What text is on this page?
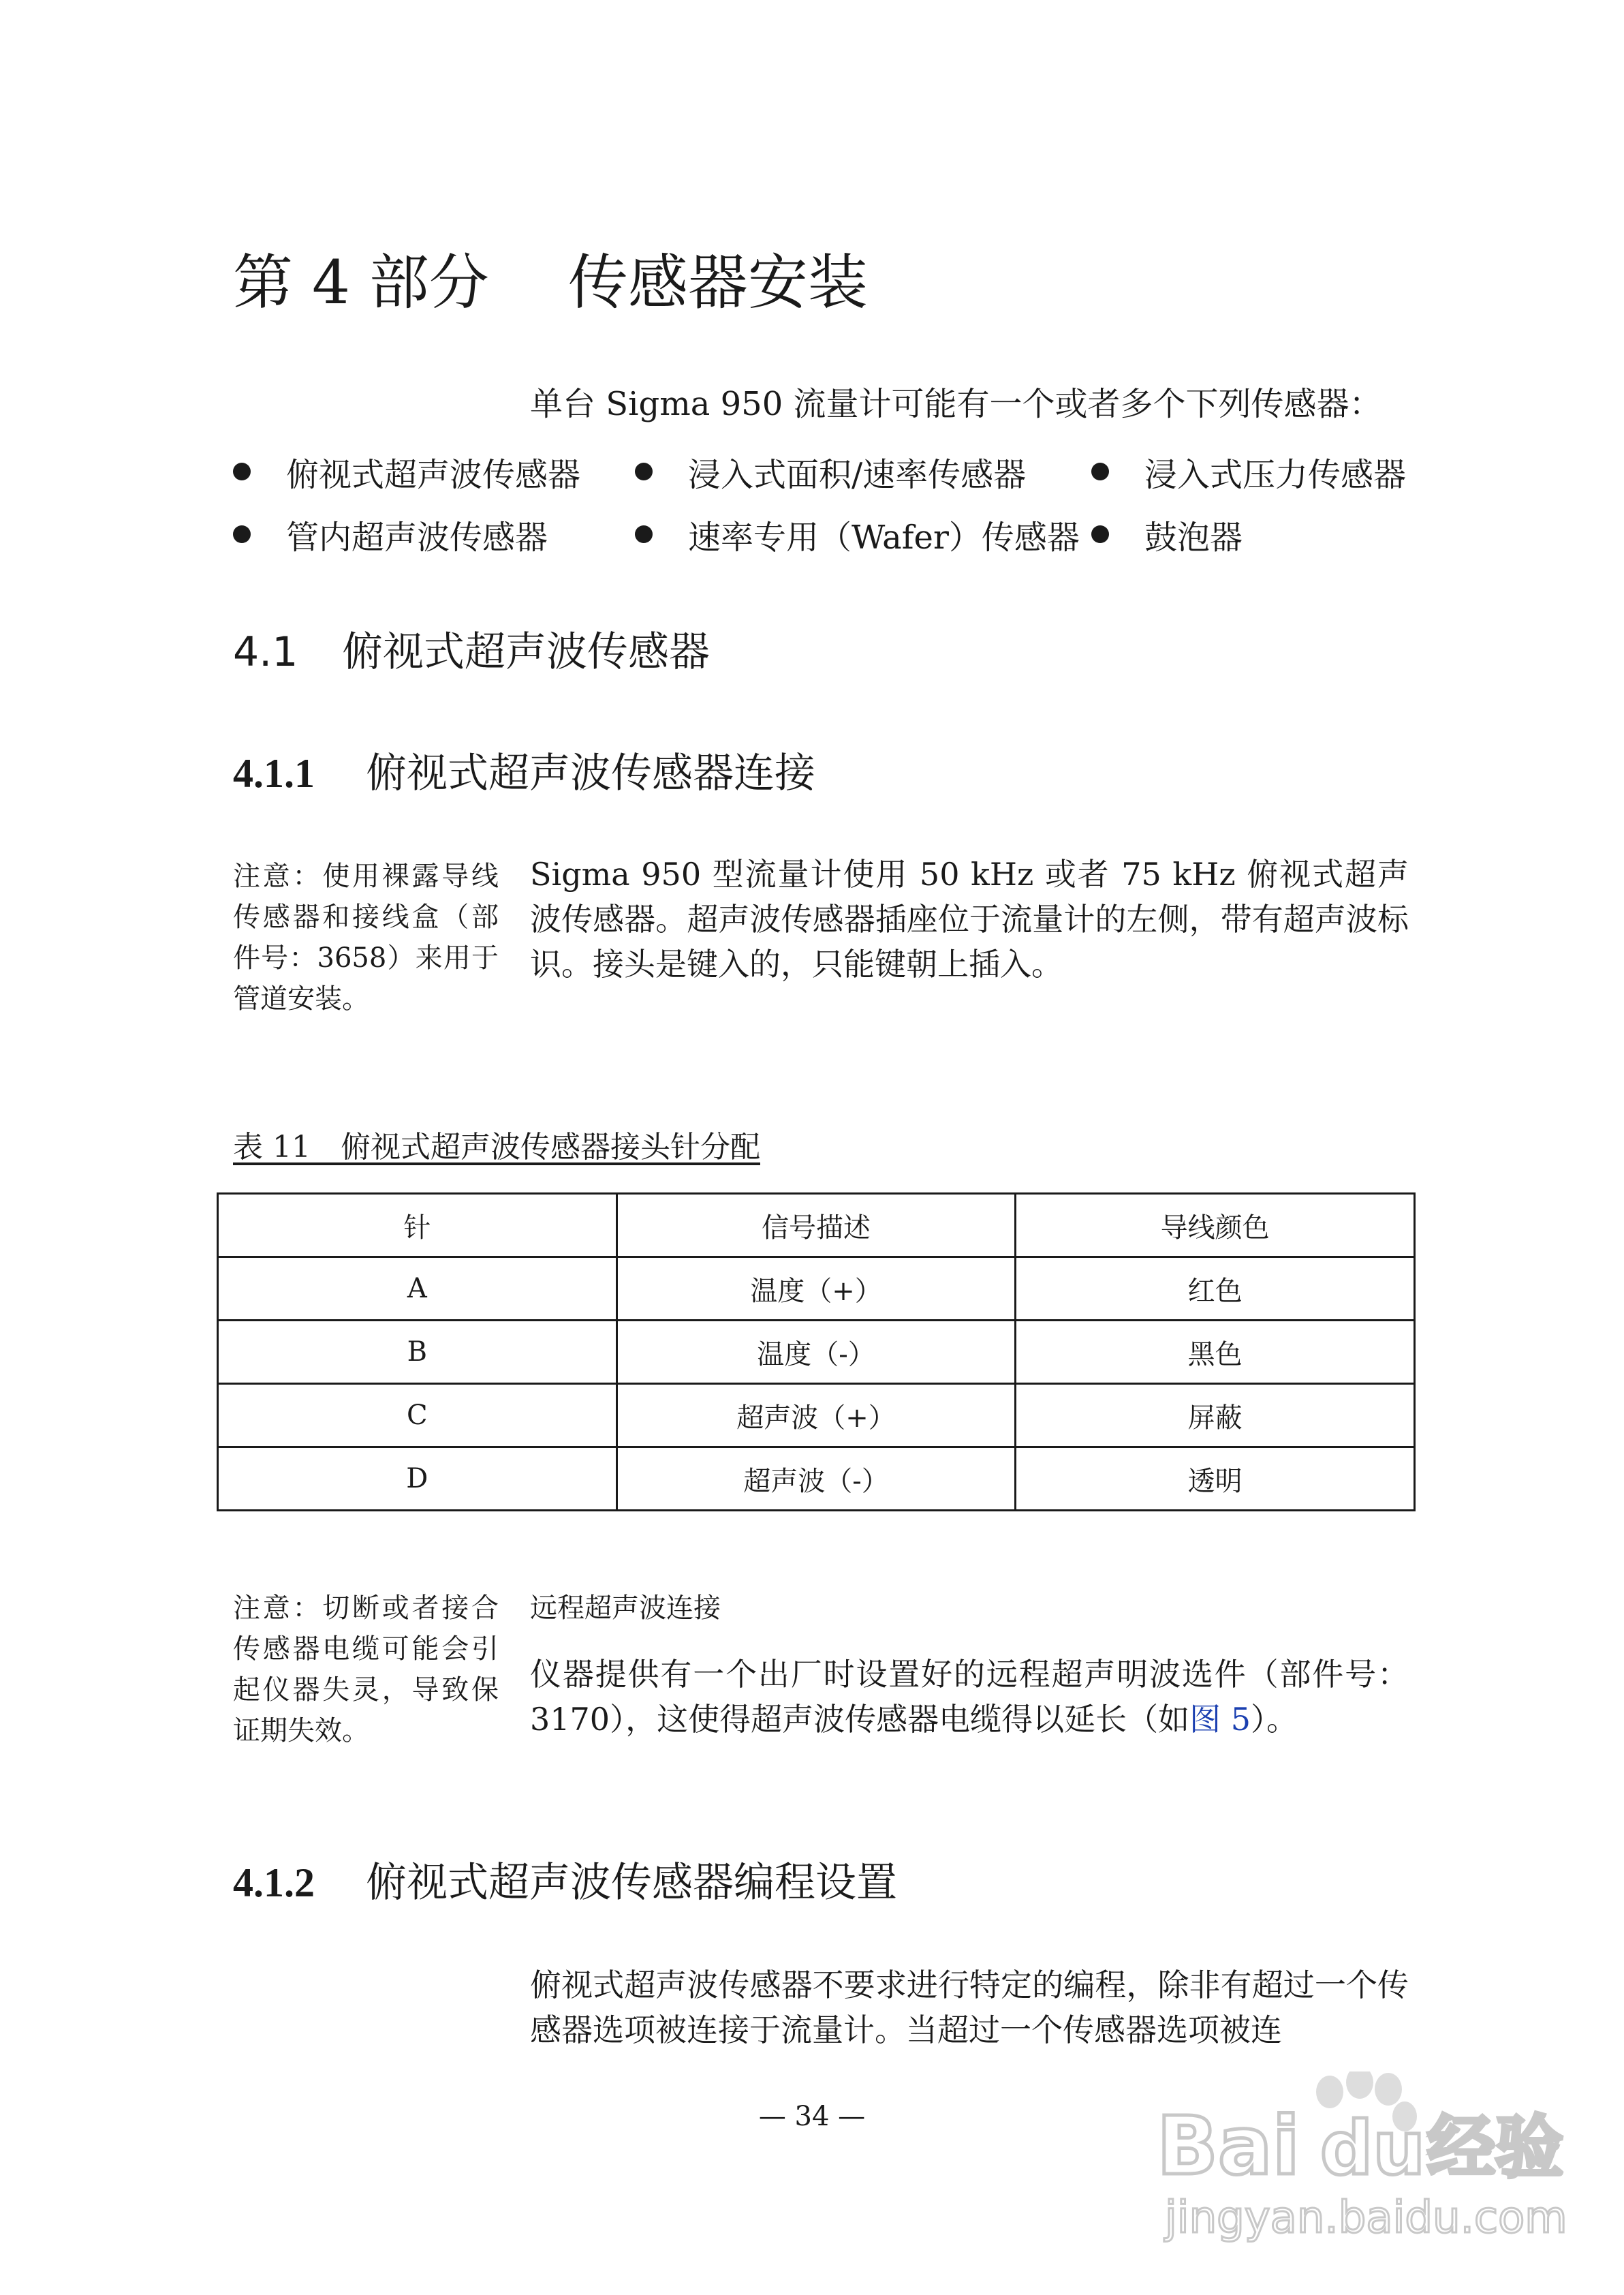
第 4 部分　 传感器安装
单台 Sigma 950 流量计可能有一个或者多个下列传感器：
俯视式超声波传感器	浸入式面积/速率传感器	浸入式压力传感器
管内超声波传感器	速率专用（Wafer）传感器 鼓泡器
4.1 俯视式超声波传感器
4.1.1 俯视式超声波传感器连接
注意：使用裸露导线传感器和接线盒（部件号：3658）来用于管道安装。
Sigma 950 型流量计使用 50 kHz 或者 75 kHz 俯视式超声波传感器。超声波传感器插座位于流量计的左侧，带有超声波标识。接头是键入的，只能键朝上插入。
表 11　俯视式超声波传感器接头针分配
针	信号描述	导线颜色
A	温度（+）	红色
B	温度（-）	黑色
C	超声波（+）	屏蔽
D	超声波（-）	透明
注意：切断或者接合传感器电缆可能会引起仪器失灵，导致保证期失效。
远程超声波连接
仪器提供有一个出厂时设置好的远程超声明波选件（部件号：3170），这使得超声波传感器电缆得以延长（如图 5）。
4.1.2 俯视式超声波传感器编程设置
俯视式超声波传感器不要求进行特定的编程，除非有超过一个传感器选项被连接于流量计。当超过一个传感器选项被连
— 34 —	Bai du 经验
jingyan.baidu.com
